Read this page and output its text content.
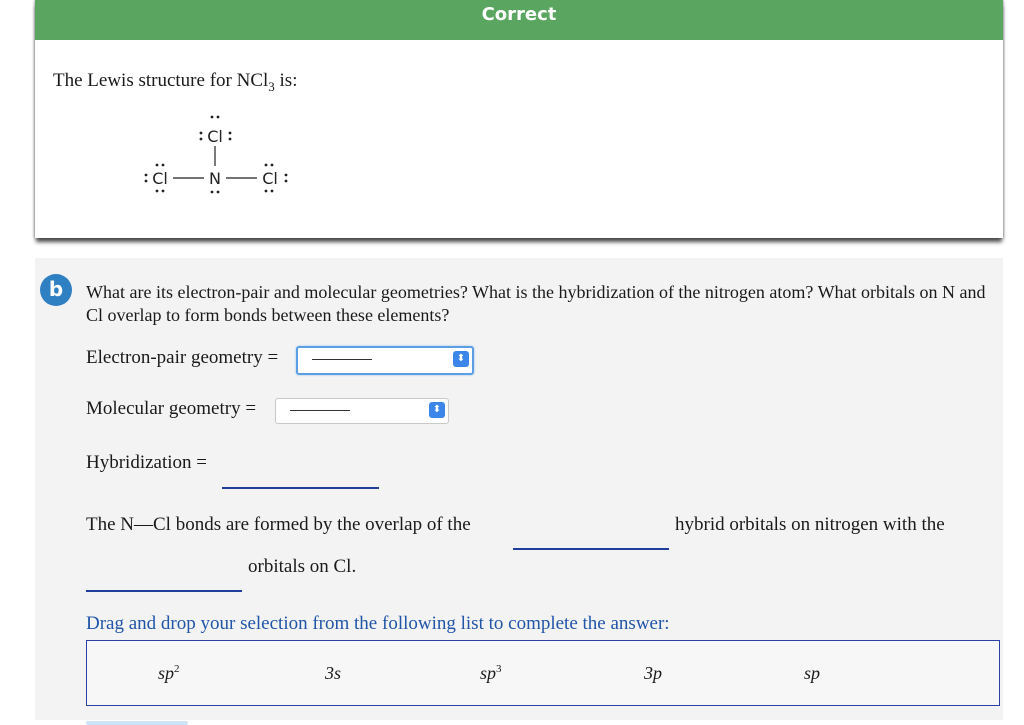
Correct
The Lewis structure for NCl$_3$ is:
Cl
Cl	N	Cl
b	What are its electron-pair and molecular geometries? What is the hybridization of the nitrogen atom? What orbitals on N and Cl overlap to form bonds between these elements?
Electron-pair geometry =	⬍
Molecular geometry =	⬍
Hybridization =
The N—Cl bonds are formed by the overlap of the	hybrid orbitals on nitrogen with the
orbitals on Cl.
Drag and drop your selection from the following list to complete the answer:
$sp^2$	3s	$sp^3$	3p	sp
